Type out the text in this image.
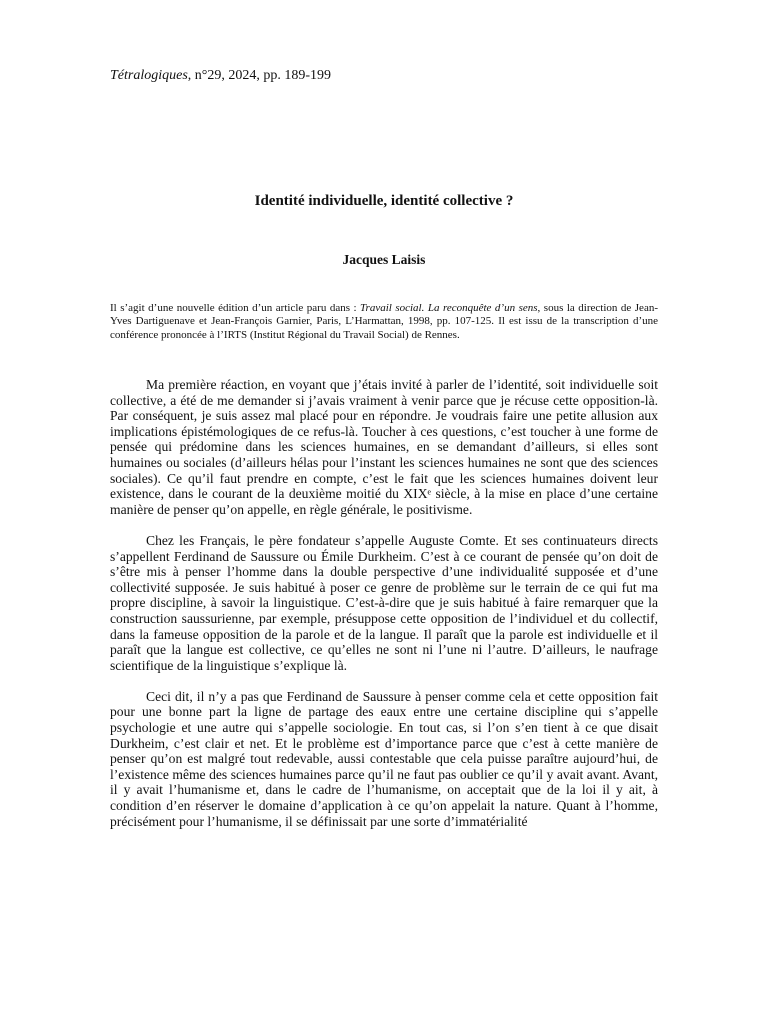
Tétralogiques, n°29, 2024, pp. 189-199
Identité individuelle, identité collective ?
Jacques Laisis
Il s’agit d’une nouvelle édition d’un article paru dans : Travail social. La reconquête d’un sens, sous la direction de Jean-Yves Dartiguenave et Jean-François Garnier, Paris, L’Harmattan, 1998, pp. 107-125. Il est issu de la transcription d’une conférence prononcée à l’IRTS (Institut Régional du Travail Social) de Rennes.

Ma première réaction, en voyant que j’étais invité à parler de l’identité, soit individuelle soit collective, a été de me demander si j’avais vraiment à venir parce que je récuse cette opposition-là. Par conséquent, je suis assez mal placé pour en répondre. Je voudrais faire une petite allusion aux implications épistémologiques de ce refus-là. Toucher à ces questions, c’est toucher à une forme de pensée qui prédomine dans les sciences humaines, en se demandant d’ailleurs, si elles sont humaines ou sociales (d’ailleurs hélas pour l’instant les sciences humaines ne sont que des sciences sociales). Ce qu’il faut prendre en compte, c’est le fait que les sciences humaines doivent leur existence, dans le courant de la deuxième moitié du XIXᵉ siècle, à la mise en place d’une certaine manière de penser qu’on appelle, en règle générale, le positivisme.

Chez les Français, le père fondateur s’appelle Auguste Comte. Et ses continuateurs directs s’appellent Ferdinand de Saussure ou Émile Durkheim. C’est à ce courant de pensée qu’on doit de s’être mis à penser l’homme dans la double perspective d’une individualité supposée et d’une collectivité supposée. Je suis habitué à poser ce genre de problème sur le terrain de ce qui fut ma propre discipline, à savoir la linguistique. C’est-à-dire que je suis habitué à faire remarquer que la construction saussurienne, par exemple, présuppose cette opposition de l’individuel et du collectif, dans la fameuse opposition de la parole et de la langue. Il paraît que la parole est individuelle et il paraît que la langue est collective, ce qu’elles ne sont ni l’une ni l’autre. D’ailleurs, le naufrage scientifique de la linguistique s’explique là.

Ceci dit, il n’y a pas que Ferdinand de Saussure à penser comme cela et cette opposition fait pour une bonne part la ligne de partage des eaux entre une certaine discipline qui s’appelle psychologie et une autre qui s’appelle sociologie. En tout cas, si l’on s’en tient à ce que disait Durkheim, c’est clair et net. Et le problème est d’importance parce que c’est à cette manière de penser qu’on est malgré tout redevable, aussi contestable que cela puisse paraître aujourd’hui, de l’existence même des sciences humaines parce qu’il ne faut pas oublier ce qu’il y avait avant. Avant, il y avait l’humanisme et, dans le cadre de l’humanisme, on acceptait que de la loi il y ait, à condition d’en réserver le domaine d’application à ce qu’on appelait la nature. Quant à l’homme, précisément pour l’humanisme, il se définissait par une sorte d’immatérialité
